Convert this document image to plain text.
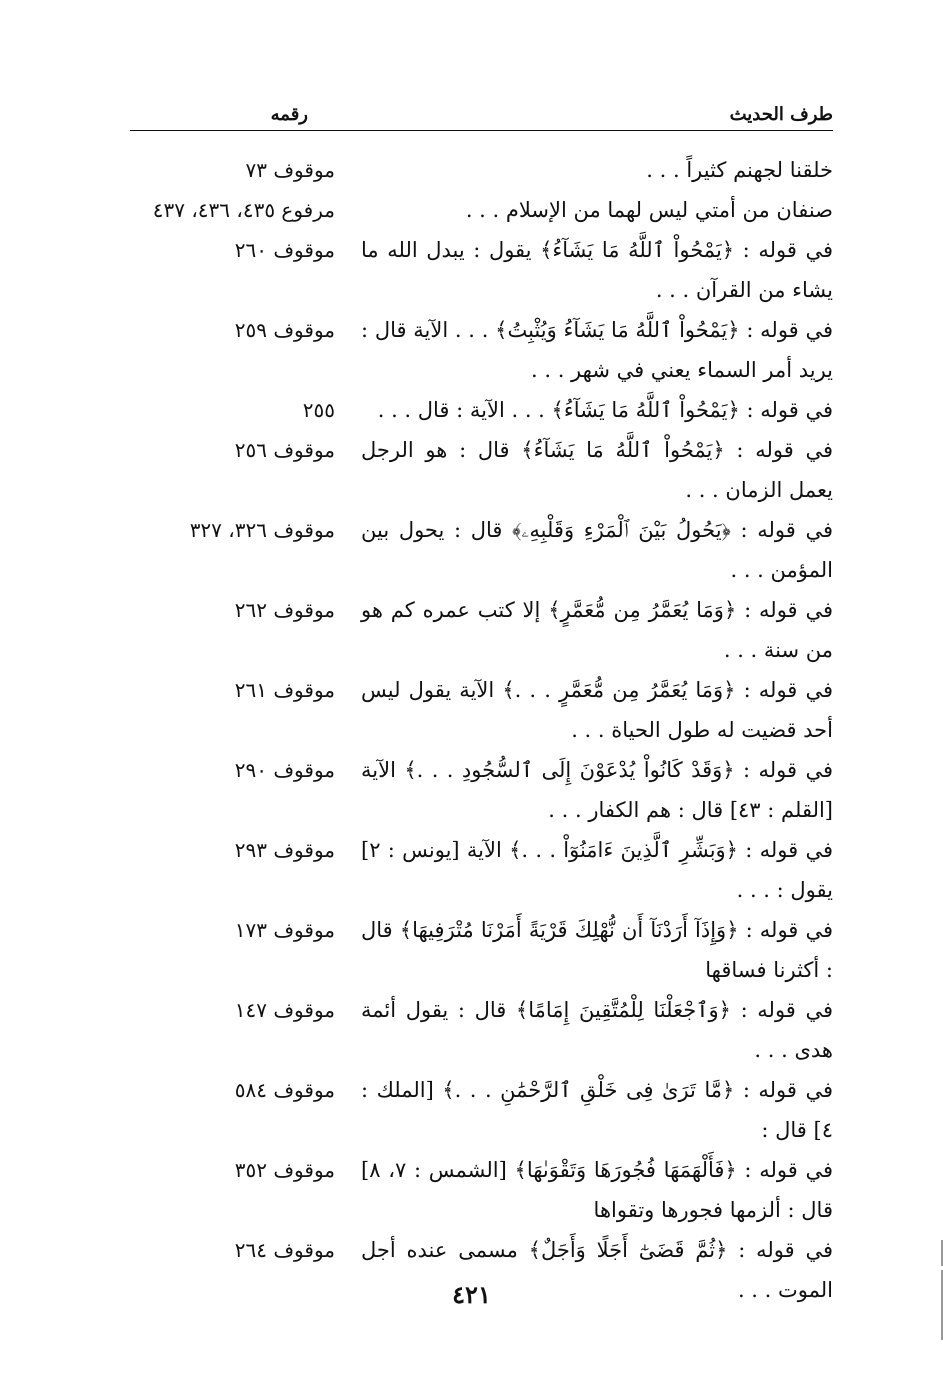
طرف الحديث
رقمه
خلقنا لجهنم كثيراً . . .
موقوف ٧٣
صنفان من أمتي ليس لهما من الإسلام . . .
مرفوع ٤٣٥، ٤٣٦، ٤٣٧
في قوله : ﴿يَمْحُواْ ٱللَّهُ مَا يَشَآءُ﴾ يقول : يبدل الله ما يشاء من القرآن . . .
موقوف ٢٦٠
في قوله : ﴿يَمْحُواْ ٱللَّهُ مَا يَشَآءُ وَيُثْبِتُ﴾ . . . الآية قال : يريد أمر السماء يعني في شهر . . .
موقوف ٢٥٩
في قوله : ﴿يَمْحُواْ ٱللَّهُ مَا يَشَآءُ﴾ . . . الآية : قال . . .
٢٥٥
في قوله : ﴿يَمْحُواْ ٱللَّهُ مَا يَشَآءُ﴾ قال : هو الرجل يعمل الزمان . . .
موقوف ٢٥٦
في قوله : ﴿يَحُولُ بَيْنَ ٱلْمَرْءِ وَقَلْبِهِۦ﴾ قال : يحول بين المؤمن . . .
موقوف ٣٢٦، ٣٢٧
في قوله : ﴿وَمَا يُعَمَّرُ مِن مُّعَمَّرٍ﴾ إلا كتب عمره كم هو من سنة . . .
موقوف ٢٦٢
في قوله : ﴿وَمَا يُعَمَّرُ مِن مُّعَمَّرٍ . . .﴾ الآية يقول ليس أحد قضيت له طول الحياة . . .
موقوف ٢٦١
في قوله : ﴿وَقَدْ كَانُواْ يُدْعَوْنَ إِلَى ٱلسُّجُودِ . . .﴾ الآية [القلم : ٤٣] قال : هم الكفار . . .
موقوف ٢٩٠
في قوله : ﴿وَبَشِّرِ ٱلَّذِينَ ءَامَنُوٓاْ . . .﴾ الآية [يونس : ٢] يقول : . . .
موقوف ٢٩٣
في قوله : ﴿وَإِذَآ أَرَدْنَآ أَن نُّهْلِكَ قَرْيَةً أَمَرْنَا مُتْرَفِيهَا﴾ قال : أكثرنا فساقها
موقوف ١٧٣
في قوله : ﴿وَٱجْعَلْنَا لِلْمُتَّقِينَ إِمَامًا﴾ قال : يقول أئمة هدى . . .
موقوف ١٤٧
في قوله : ﴿مَّا تَرَىٰ فِى خَلْقِ ٱلرَّحْمَٰنِ . . .﴾ [الملك : ٤] قال :
موقوف ٥٨٤
في قوله : ﴿فَأَلْهَمَهَا فُجُورَهَا وَتَقْوَىٰهَا﴾ [الشمس : ٧، ٨] قال : ألزمها فجورها وتقواها
موقوف ٣٥٢
في قوله : ﴿ثُمَّ قَضَىٰٓ أَجَلًا وَأَجَلٌ﴾ مسمى عنده أجل الموت . . .
موقوف ٢٦٤
٤٢١
